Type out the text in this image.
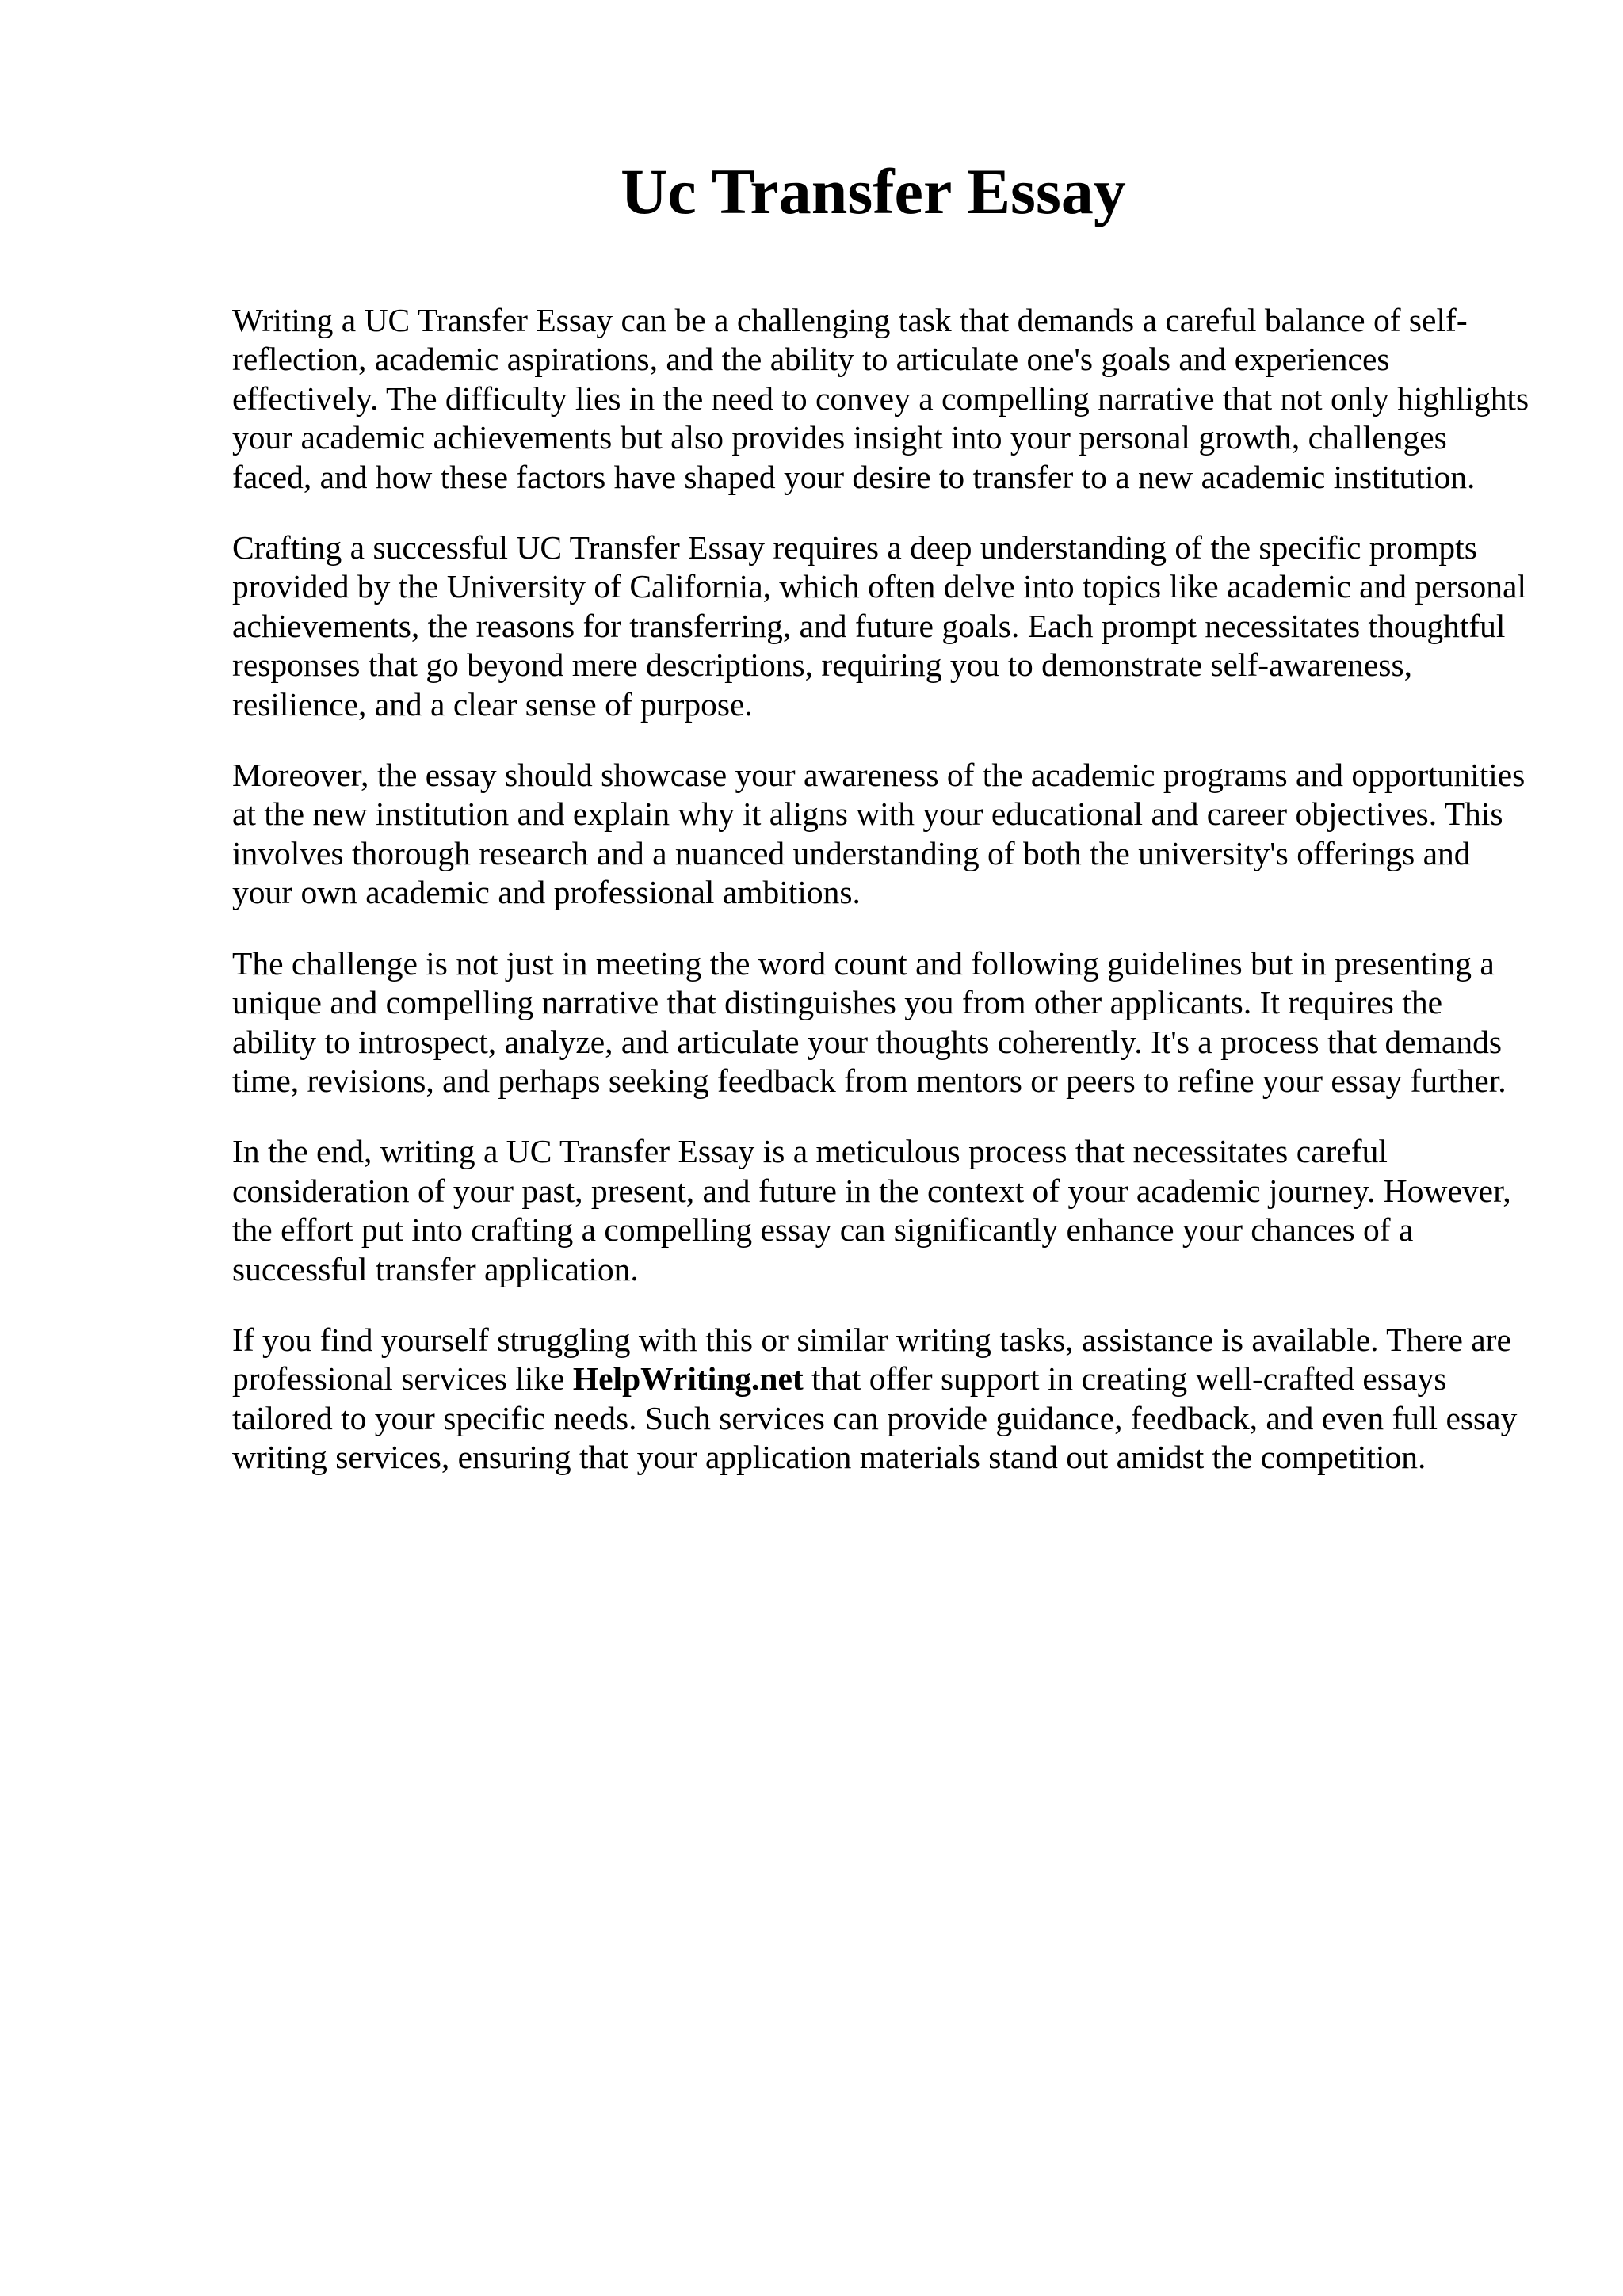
Uc Transfer Essay

Writing a UC Transfer Essay can be a challenging task that demands a careful balance of self-reflection, academic aspirations, and the ability to articulate one's goals and experiences effectively. The difficulty lies in the need to convey a compelling narrative that not only highlights your academic achievements but also provides insight into your personal growth, challenges faced, and how these factors have shaped your desire to transfer to a new academic institution.

Crafting a successful UC Transfer Essay requires a deep understanding of the specific prompts provided by the University of California, which often delve into topics like academic and personal achievements, the reasons for transferring, and future goals. Each prompt necessitates thoughtful responses that go beyond mere descriptions, requiring you to demonstrate self-awareness, resilience, and a clear sense of purpose.

Moreover, the essay should showcase your awareness of the academic programs and opportunities at the new institution and explain why it aligns with your educational and career objectives. This involves thorough research and a nuanced understanding of both the university's offerings and your own academic and professional ambitions.

The challenge is not just in meeting the word count and following guidelines but in presenting a unique and compelling narrative that distinguishes you from other applicants. It requires the ability to introspect, analyze, and articulate your thoughts coherently. It's a process that demands time, revisions, and perhaps seeking feedback from mentors or peers to refine your essay further.

In the end, writing a UC Transfer Essay is a meticulous process that necessitates careful consideration of your past, present, and future in the context of your academic journey. However, the effort put into crafting a compelling essay can significantly enhance your chances of a successful transfer application.

If you find yourself struggling with this or similar writing tasks, assistance is available. There are professional services like HelpWriting.net that offer support in creating well-crafted essays tailored to your specific needs. Such services can provide guidance, feedback, and even full essay writing services, ensuring that your application materials stand out amidst the competition.
